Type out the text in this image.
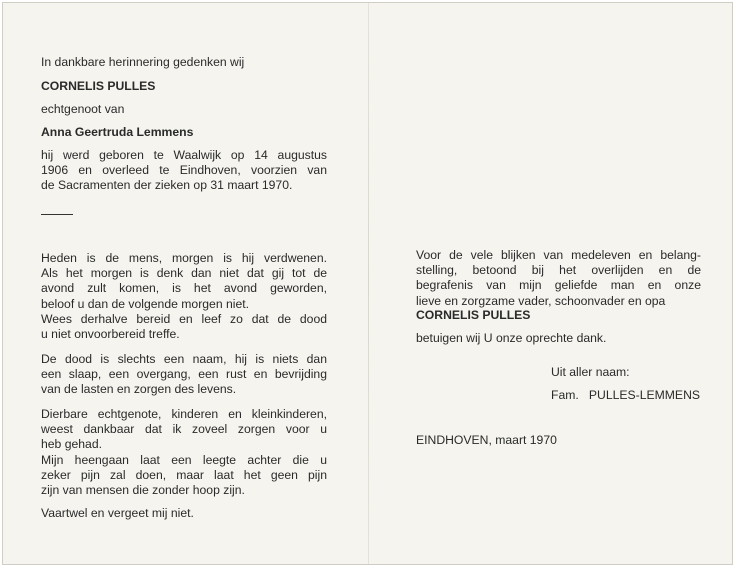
In dankbare herinnering gedenken wij

CORNELIS PULLES
echtgenoot van
Anna Geertruda Lemmens
hij werd geboren te Waalwijk op 14 augustus
1906 en overleed te Eindhoven, voorzien van
de Sacramenten der zieken op 31 maart 1970.
Heden is de mens, morgen is hij verdwenen.
Als het morgen is denk dan niet dat gij tot de
avond zult komen, is het avond geworden,
beloof u dan de volgende morgen niet.
Wees derhalve bereid en leef zo dat de dood
u niet onvoorbereid treffe.
De dood is slechts een naam, hij is niets dan
een slaap, een overgang, een rust en bevrijding
van de lasten en zorgen des levens.
Dierbare echtgenote, kinderen en kleinkinderen,
weest dankbaar dat ik zoveel zorgen voor u
heb gehad.
Mijn heengaan laat een leegte achter die u
zeker pijn zal doen, maar laat het geen pijn
zijn van mensen die zonder hoop zijn.
Vaartwel en vergeet mij niet.
Voor de vele blijken van medeleven en belang-
stelling, betoond bij het overlijden en de
begrafenis van mijn geliefde man en onze
lieve en zorgzame vader, schoonvader en opa
CORNELIS PULLES
betuigen wij U onze oprechte dank.
Uit aller naam:
Fam.   PULLES-LEMMENS
EINDHOVEN, maart 1970
